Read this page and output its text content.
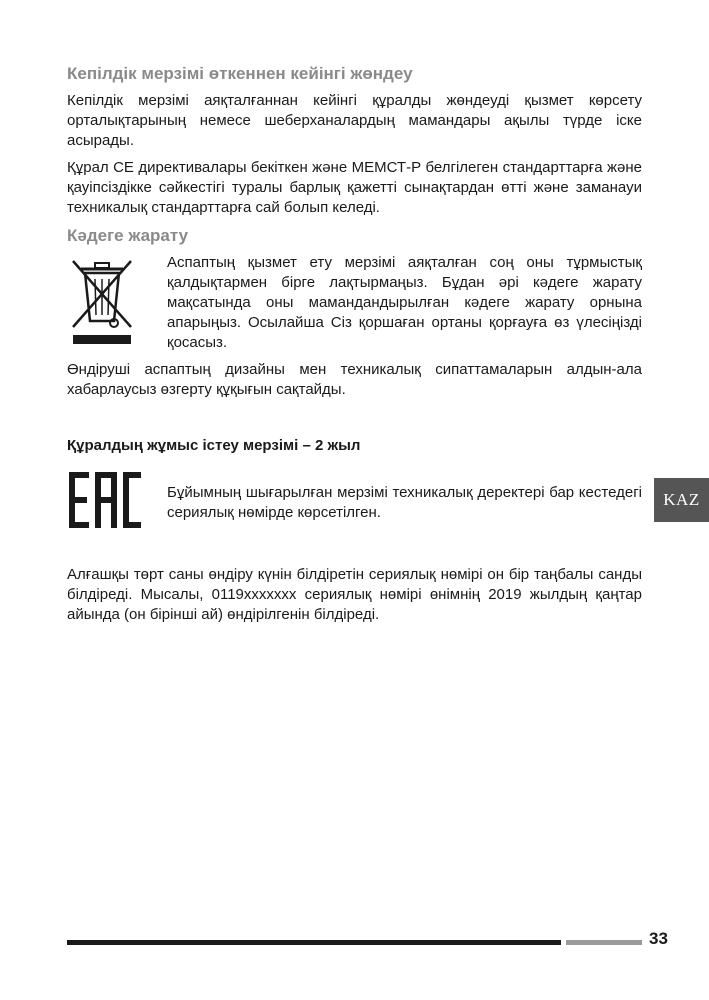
Кепілдік мерзімі өткеннен кейінгі жөндеу

Кепілдік мерзімі аяқталғаннан кейінгі құралды жөндеуді қызмет көрсету орталықтарының немесе шеберханалардың мамандары ақылы түрде іске асырады.

Құрал CE директивалары бекіткен және МЕМСТ-Р белгілеген стандарттарға және қауіпсіздікке сәйкестігі туралы барлық қажетті сынақтардан өтті және заманауи техникалық стандарттарға сай болып келеді.

Кәдеге жарату

Аспаптың қызмет ету мерзімі аяқталған соң оны тұрмыстық қалдықтармен бірге лақтырмаңыз. Бұдан әрі кәдеге жарату мақсатында оны мамандандырылған кәдеге жарату орнына апарыңыз. Осылайша Сіз қоршаған ортаны қорғауға өз үлесіңізді қосасыз.

Өндіруші аспаптың дизайны мен техникалық сипаттамаларын алдын-ала хабарлаусыз өзгерту құқығын сақтайды.

Құралдың жұмыс істеу мерзімі – 2 жыл

Бұйымның шығарылған мерзімі техникалық деректері бар кестедегі сериялық нөмірде көрсетілген.

Алғашқы төрт саны өндіру күнін білдіретін сериялық нөмірі он бір таңбалы санды білдіреді. Мысалы, 0119xxxxxxx сериялық нөмірі өнімнің 2019 жылдың қаңтар айында (он бірінші ай) өндірілгенін білдіреді.

KAZ
33
